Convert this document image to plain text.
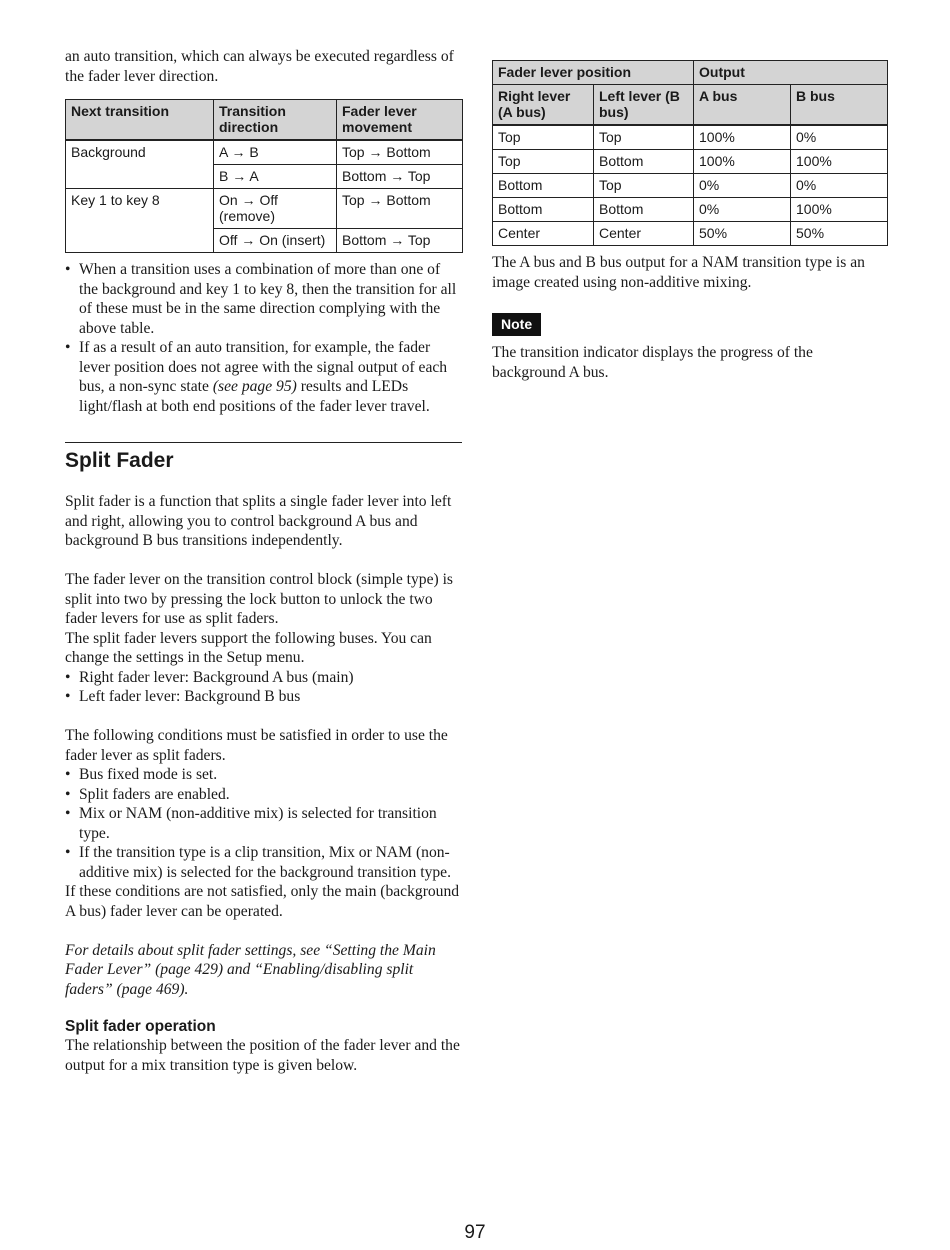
an auto transition, which can always be executed regardless of the fader lever direction.

Next transition	Transition direction	Fader lever movement
Background	A → B	Top → Bottom
	B → A	Bottom → Top
Key 1 to key 8	On → Off (remove)	Top → Bottom
	Off → On (insert)	Bottom → Top
• When a transition uses a combination of more than one of the background and key 1 to key 8, then the transition for all of these must be in the same direction complying with the above table.
• If as a result of an auto transition, for example, the fader lever position does not agree with the signal output of each bus, a non-sync state (see page 95) results and LEDs light/flash at both end positions of the fader lever travel.
Split Fader

Split fader is a function that splits a single fader lever into left and right, allowing you to control background A bus and background B bus transitions independently.

The fader lever on the transition control block (simple type) is split into two by pressing the lock button to unlock the two fader levers for use as split faders.

The split fader levers support the following buses. You can change the settings in the Setup menu.

• Right fader lever: Background A bus (main)
• Left fader lever: Background B bus

The following conditions must be satisfied in order to use the fader lever as split faders.

• Bus fixed mode is set.
• Split faders are enabled.
• Mix or NAM (non-additive mix) is selected for transition type.
• If the transition type is a clip transition, Mix or NAM (non-additive mix) is selected for the background transition type.

If these conditions are not satisfied, only the main (background A bus) fader lever can be operated.

For details about split fader settings, see “Setting the Main Fader Lever” (page 429) and “Enabling/disabling split faders” (page 469).

Split fader operation

The relationship between the position of the fader lever and the output for a mix transition type is given below.

Fader lever position		Output	
Right lever (A bus)	Left lever (B bus)	A bus	B bus
Top	Top	100%	0%
Top	Bottom	100%	100%
Bottom	Top	0%	0%
Bottom	Bottom	0%	100%
Center	Center	50%	50%

The A bus and B bus output for a NAM transition type is an image created using non-additive mixing.

Note

The transition indicator displays the progress of the background A bus.

97
